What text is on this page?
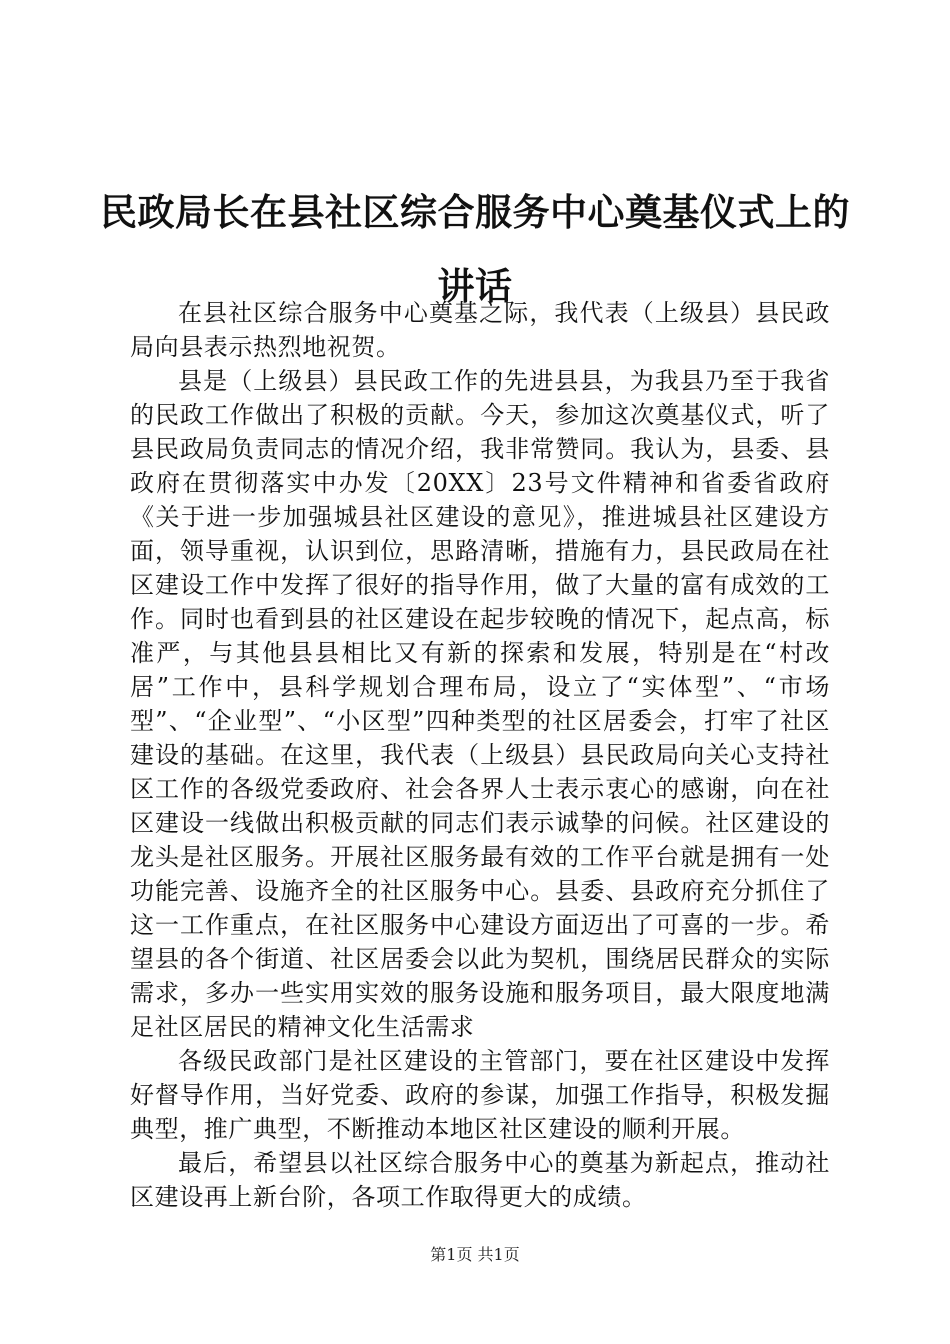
民政局长在县社区综合服务中心奠基仪式上的讲话

在县社区综合服务中心奠基之际，我代表（上级县）县民政局向县表示热烈地祝贺。

县是（上级县）县民政工作的先进县县，为我县乃至于我省的民政工作做出了积极的贡献。今天，参加这次奠基仪式，听了县民政局负责同志的情况介绍，我非常赞同。我认为，县委、县政府在贯彻落实中办发〔20XX〕23号文件精神和省委省政府《关于进一步加强城县社区建设的意见》，推进城县社区建设方面，领导重视，认识到位，思路清晰，措施有力，县民政局在社区建设工作中发挥了很好的指导作用，做了大量的富有成效的工作。同时也看到县的社区建设在起步较晚的情况下，起点高，标准严，与其他县县相比又有新的探索和发展，特别是在“村改居”工作中，县科学规划合理布局，设立了“实体型”、“市场型”、“企业型”、“小区型”四种类型的社区居委会，打牢了社区建设的基础。在这里，我代表（上级县）县民政局向关心支持社区工作的各级党委政府、社会各界人士表示衷心的感谢，向在社区建设一线做出积极贡献的同志们表示诚挚的问候。社区建设的龙头是社区服务。开展社区服务最有效的工作平台就是拥有一处功能完善、设施齐全的社区服务中心。县委、县政府充分抓住了这一工作重点，在社区服务中心建设方面迈出了可喜的一步。希望县的各个街道、社区居委会以此为契机，围绕居民群众的实际需求，多办一些实用实效的服务设施和服务项目，最大限度地满足社区居民的精神文化生活需求

各级民政部门是社区建设的主管部门，要在社区建设中发挥好督导作用，当好党委、政府的参谋，加强工作指导，积极发掘典型，推广典型，不断推动本地区社区建设的顺利开展。

最后，希望县以社区综合服务中心的奠基为新起点，推动社区建设再上新台阶，各项工作取得更大的成绩。

第1页 共1页
